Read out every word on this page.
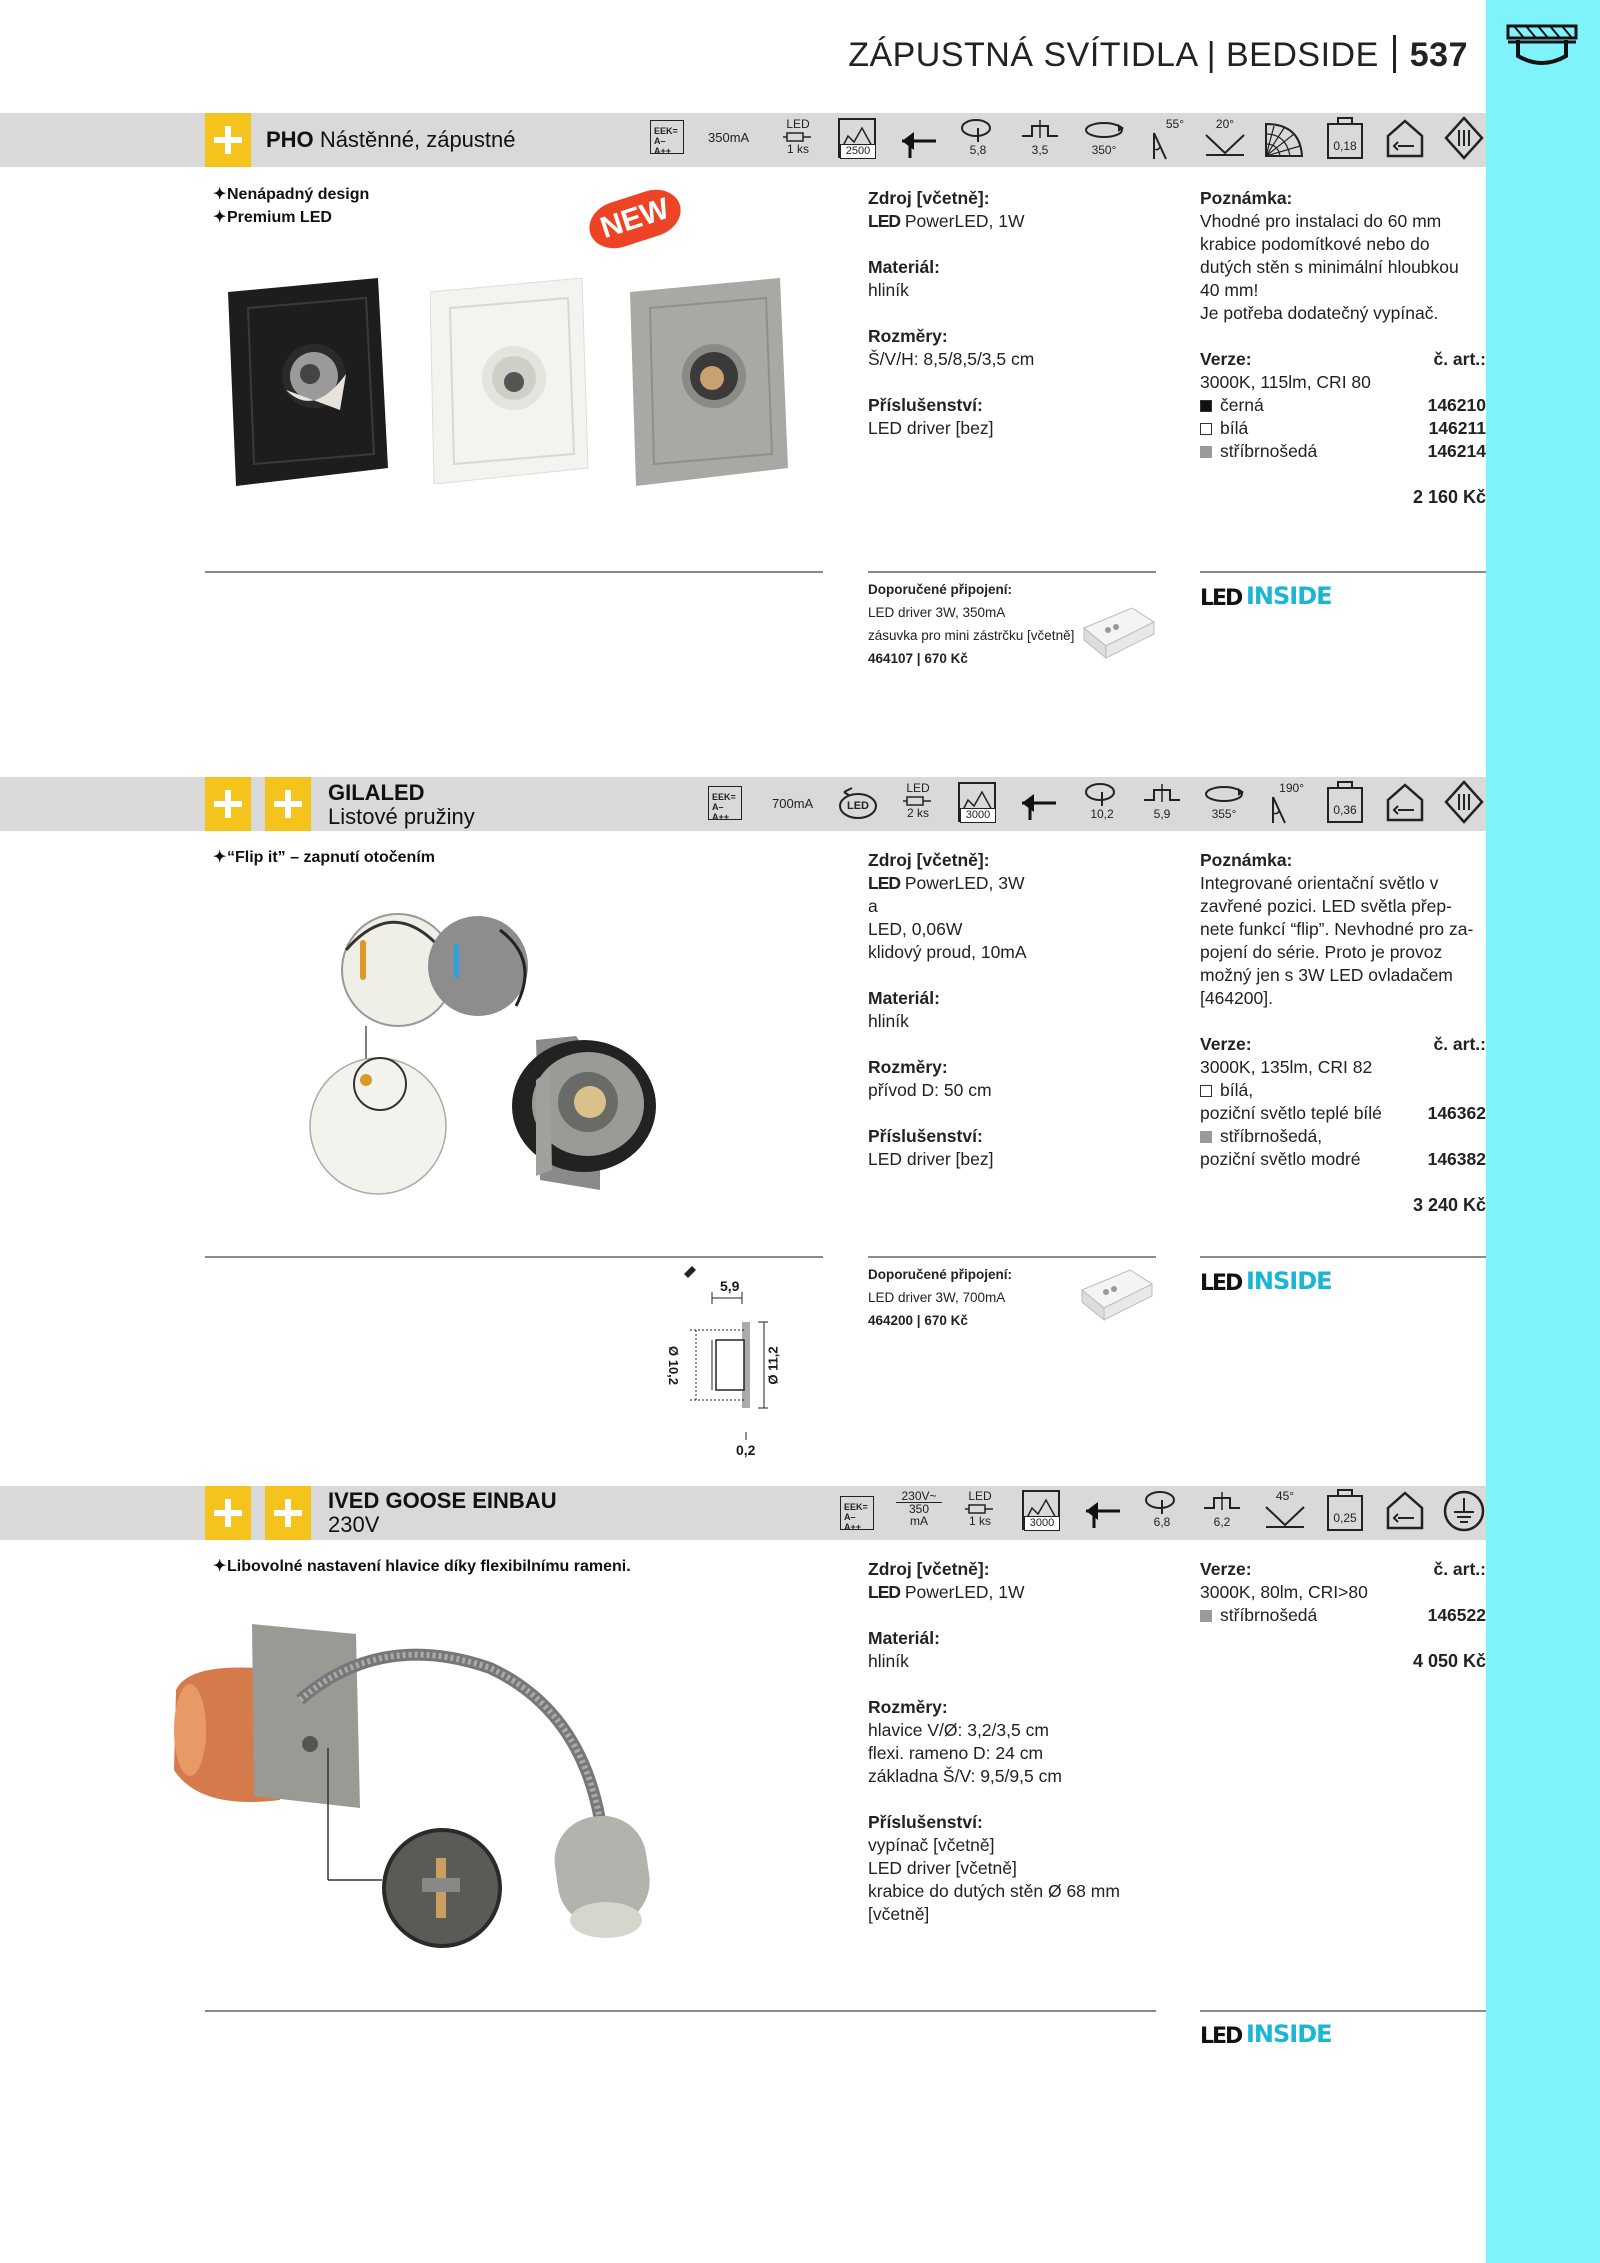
ZÁPUSTNÁ SVÍTIDLA | BEDSIDE 537
PHO Nástěnné, zápustné	EEK= A–A++
350mA
LED
1 ks	2500	5,8	3,5	350°
55°	20°
0,18
✦Nenápadný design
✦Premium LED	NEW	Zdroj [včetně]:
LED PowerLED, 1W
Materiál:
hliník
Rozměry:
Š/V/H: 8,5/8,5/3,5 cm
Příslušenství:
LED driver [bez]
Poznámka:
Vhodné pro instalaci do 60 mm
krabice podomítkové nebo do
dutých stěn s minimální hloubkou
40 mm!
Je potřeba dodatečný vypínač.
Verze:	č. art.:
3000K, 115lm, CRI 80
černá	146210
bílá	146211
stříbrnošedá	146214
2 160 Kč
Doporučené připojení:
LED driver 3W, 350mA
zásuvka pro mini zástrčku [včetně]
464107 | 670 Kč
LED INSIDE
GILALED
Listové pružiny
EEK= A–A++
700mA	LED
LED
2 ks	3000	10,2	5,9	355°
190°
0,36
✦“Flip it” – zapnutí otočením	Zdroj [včetně]:
LED PowerLED, 3W
a
LED, 0,06W
klidový proud, 10mA
Materiál:
hliník
Rozměry:
přívod D: 50 cm
Příslušenství:
LED driver [bez]
Poznámka:
Integrované orientační světlo v
zavřené pozici. LED světla přep-
nete funkcí “flip”. Nevhodné pro za-
pojení do série. Proto je provoz
možný jen s 3W LED ovladačem
[464200].
Verze:	č. art.:
3000K, 135lm, CRI 82
bílá,
poziční světlo teplé bílé	146362
stříbrnošedá,
poziční světlo modré	146382
3 240 Kč
5,9
Ø 10,2	Ø 11,2
0,2
Doporučené připojení:
LED driver 3W, 700mA
464200 | 670 Kč
LED INSIDE
IVED GOOSE EINBAU
230V
EEK= A–A++
230V~
350
mA
LED
1 ks	3000	6,8	6,2
45°
0,25
✦Libovolné nastavení hlavice díky flexibilnímu rameni.	Zdroj [včetně]:
LED PowerLED, 1W
Materiál:
hliník
Rozměry:
hlavice V/Ø: 3,2/3,5 cm
flexi. rameno D: 24 cm
základna Š/V: 9,5/9,5 cm
Příslušenství:
vypínač [včetně]
LED driver [včetně]
krabice do dutých stěn Ø 68 mm
[včetně]
Verze:	č. art.:
3000K, 80lm, CRI>80
stříbrnošedá	146522
4 050 Kč
LED INSIDE
